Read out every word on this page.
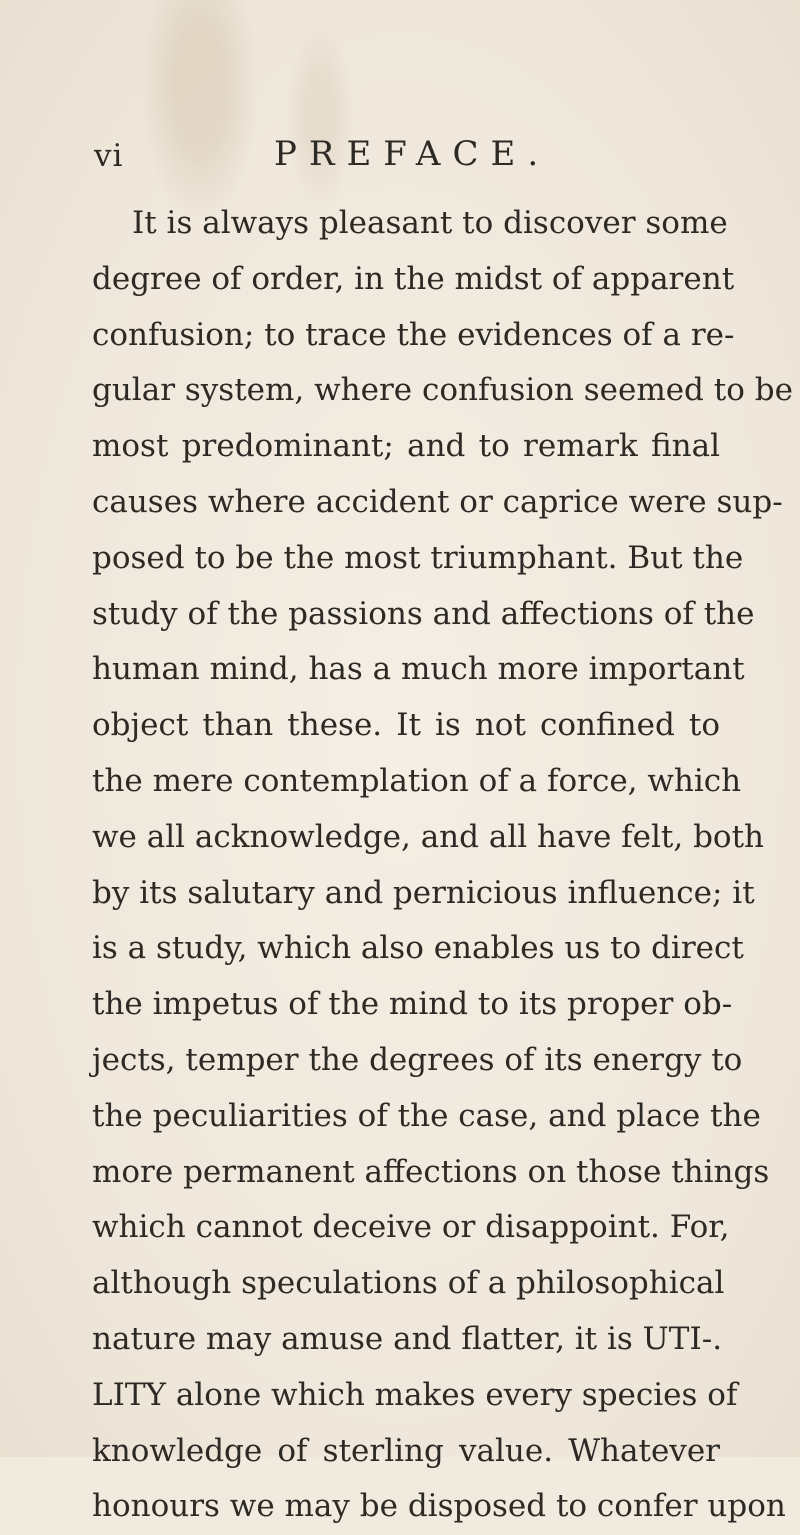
vi	PREFACE.
It is always pleasant to discover some
degree of order, in the midst of apparent
confusion; to trace the evidences of a re-
gular system, where confusion seemed to be
most predominant; and to remark final
causes where accident or caprice were sup-
posed to be the most triumphant. But the
study of the passions and affections of the
human mind, has a much more important
object than these. It is not confined to
the mere contemplation of a force, which
we all acknowledge, and all have felt, both
by its salutary and pernicious influence; it
is a study, which also enables us to direct
the impetus of the mind to its proper ob-
jects, temper the degrees of its energy to
the peculiarities of the case, and place the
more permanent affections on those things
which cannot deceive or disappoint. For,
although speculations of a philosophical
nature may amuse and flatter, it is UTI-.
LITY alone which makes every species of
knowledge of sterling value. Whatever
honours we may be disposed to confer upon
